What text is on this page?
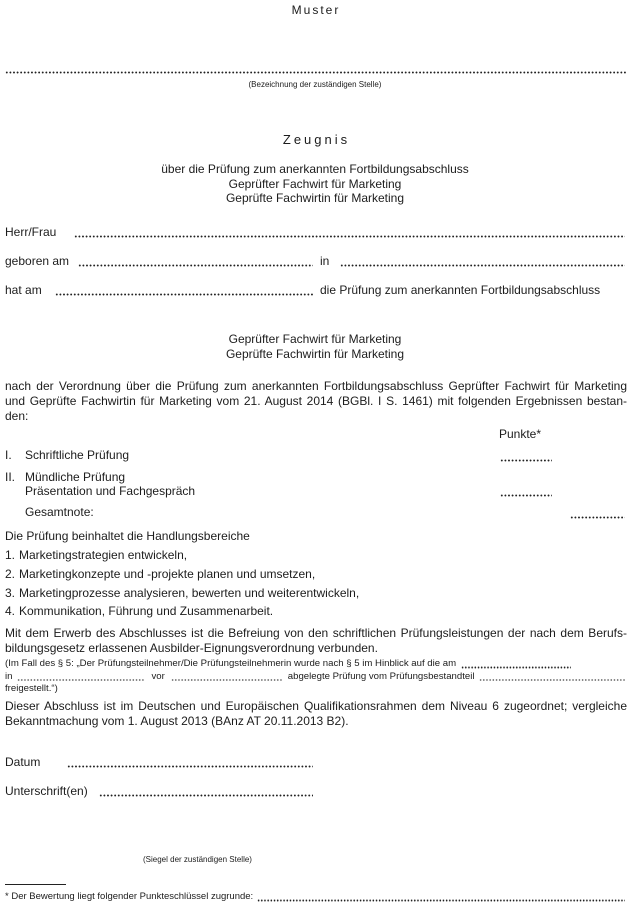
Muster
(Bezeichnung der zuständigen Stelle)
Zeugnis
über die Prüfung zum anerkannten Fortbildungsabschluss
Geprüfter Fachwirt für Marketing
Geprüfte Fachwirtin für Marketing
Herr/Frau
geboren am	in
hat am	die Prüfung zum anerkannten Fortbildungsabschluss
Geprüfter Fachwirt für Marketing
Geprüfte Fachwirtin für Marketing
nach der Verordnung über die Prüfung zum anerkannten Fortbildungsabschluss Geprüfter Fachwirt für Marketing
und Geprüfte Fachwirtin für Marketing vom 21. August 2014 (BGBl. I S. 1461) mit folgenden Ergebnissen bestan-
den:
Punkte*
I.	Schriftliche Prüfung
II. Mündliche Prüfung
Präsentation und Fachgespräch
Gesamtnote:
Die Prüfung beinhaltet die Handlungsbereiche
1. Marketingstrategien entwickeln,
2. Marketingkonzepte und -projekte planen und umsetzen,
3. Marketingprozesse analysieren, bewerten und weiterentwickeln,
4. Kommunikation, Führung und Zusammenarbeit.
Mit dem Erwerb des Abschlusses ist die Befreiung von den schriftlichen Prüfungsleistungen der nach dem Berufs-
bildungsgesetz erlassenen Ausbilder-Eignungsverordnung verbunden.
(Im Fall des § 5: „Der Prüfungsteilnehmer/Die Prüfungsteilnehmerin wurde nach § 5 im Hinblick auf die am
in	vor	abgelegte Prüfung vom Prüfungsbestandteil
freigestellt.“)
Dieser Abschluss ist im Deutschen und Europäischen Qualifikationsrahmen dem Niveau 6 zugeordnet; vergleiche
Bekanntmachung vom 1. August 2013 (BAnz AT 20.11.2013 B2).
Datum
Unterschrift(en)
(Siegel der zuständigen Stelle)
* Der Bewertung liegt folgender Punkteschlüssel zugrunde:
